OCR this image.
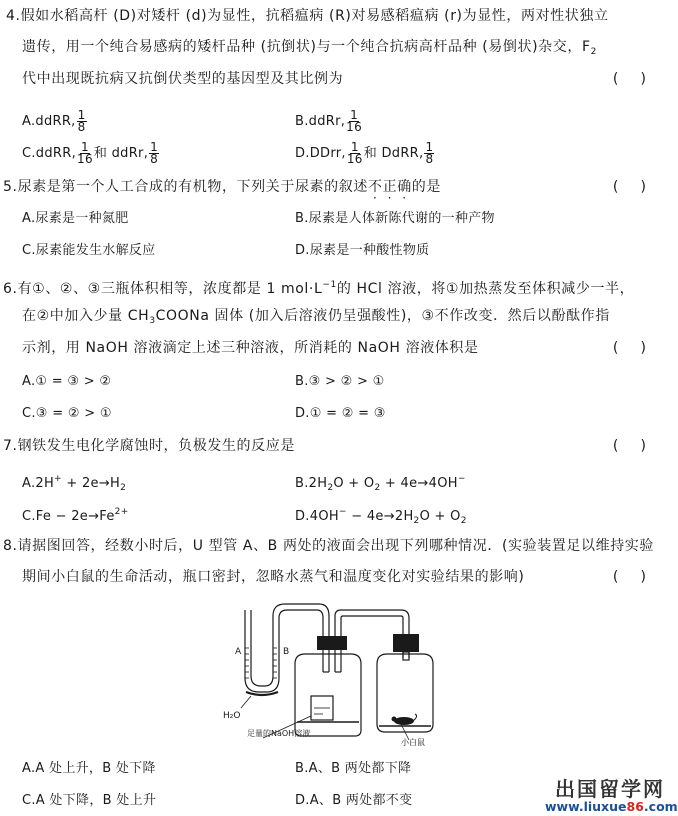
4.假如水稻高杆 (D)对矮杆 (d)为显性，抗稻瘟病 (R)对易感稻瘟病 (r)为显性，两对性状独立
遗传，用一个纯合易感病的矮杆品种 (抗倒状)与一个纯合抗病高杆品种 (易倒状)杂交，$F_2$
代中出现既抗病又抗倒伏类型的基因型及其比例为	(     )
A.ddRR, $\frac{1}{8}$	B.ddRr, $\frac{1}{16}$
C.ddRR, $\frac{1}{16}$ 和 ddRr, $\frac{1}{8}$	D.DDrr, $\frac{1}{16}$ 和 DdRR, $\frac{1}{8}$
5.尿素是第一个人工合成的有机物，下列关于尿素的叙述不正确的是	(     )
A.尿素是一种氮肥	B.尿素是人体新陈代谢的一种产物
C.尿素能发生水解反应	D.尿素是一种酸性物质
6.有①、②、③三瓶体积相等，浓度都是 1 $mol\cdot L^{-1}$的 HCl 溶液，将①加热蒸发至体积减少一半，
在②中加入少量 $CH_3COONa$ 固体 (加入后溶液仍呈强酸性)，③不作改变．然后以酚酞作指
示剂，用 NaOH 溶液滴定上述三种溶液，所消耗的 NaOH 溶液体积是	(     )
A.① = ③ > ②	B.③ > ② > ①
C.③ = ② > ①	D.① = ② = ③
7.钢铁发生电化学腐蚀时，负极发生的反应是	(     )
$A.2H^+ + 2e\to H_2$	$B.2H_2O + O_2 + 4e\to 4OH^-$
$C.Fe - 2e\to Fe^{2+}$	$D.4OH^- - 4e\to 2H_2O + O_2$
8.请据图回答，经数小时后，U 型管 A、B 两处的液面会出现下列哪种情况．(实验装置足以维持实验
期间小白鼠的生命活动，瓶口密封，忽略水蒸气和温度变化对实验结果的影响)	(     )
A	B
H₂O
足量的NaOH溶液
小白鼠
A.A 处上升，B 处下降	B.A、B 两处都下降
C.A 处下降，B 处上升	D.A、B 两处都不变	出国留学网
www.liuxue86.com
